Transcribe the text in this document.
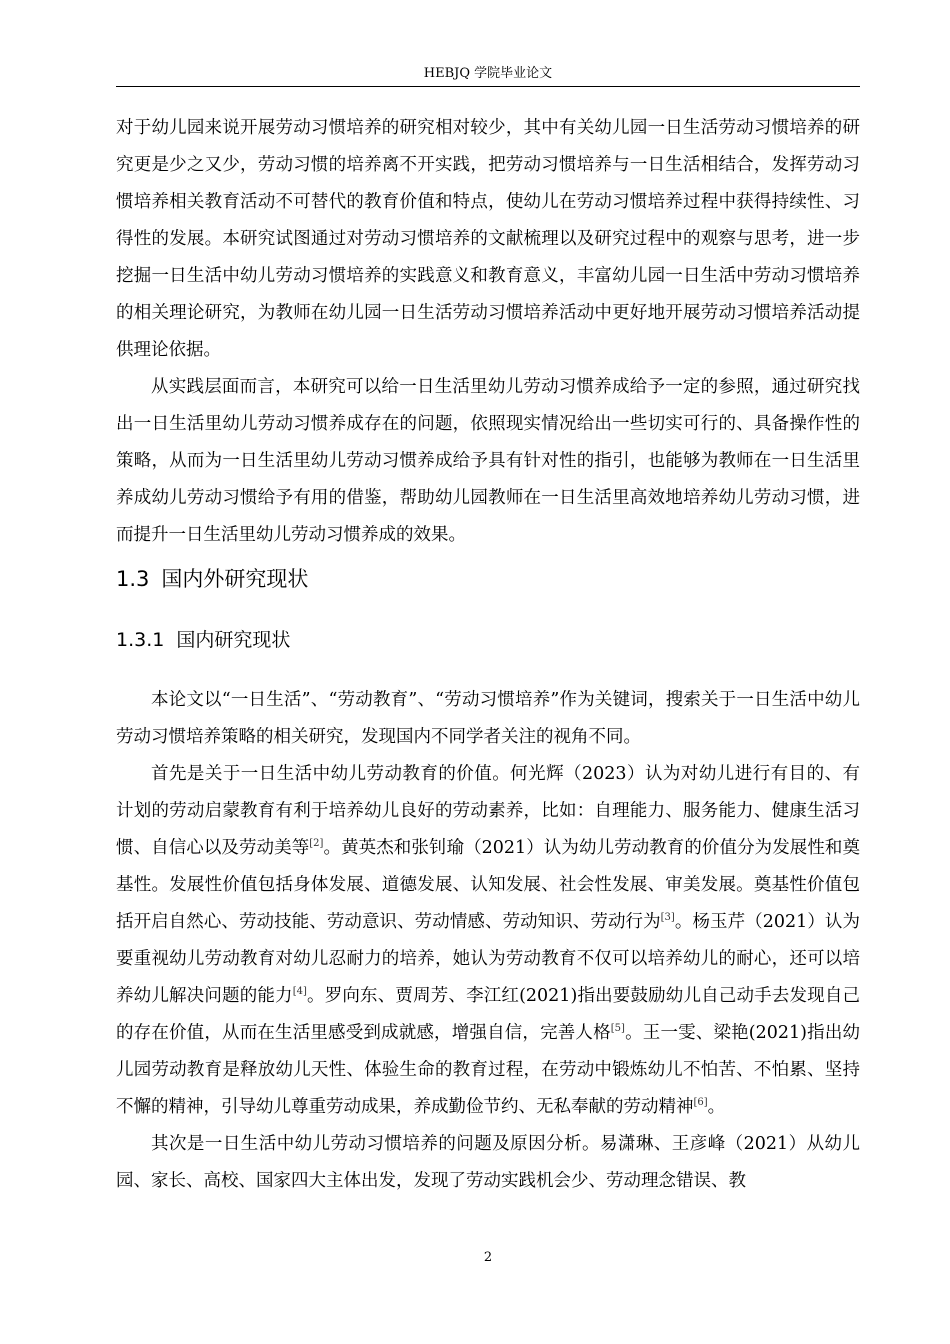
HEBJQ 学院毕业论文

对于幼儿园来说开展劳动习惯培养的研究相对较少，其中有关幼儿园一日生活劳动习惯培养的研究更是少之又少，劳动习惯的培养离不开实践，把劳动习惯培养与一日生活相结合，发挥劳动习惯培养相关教育活动不可替代的教育价值和特点，使幼儿在劳动习惯培养过程中获得持续性、习得性的发展。本研究试图通过对劳动习惯培养的文献梳理以及研究过程中的观察与思考，进一步挖掘一日生活中幼儿劳动习惯培养的实践意义和教育意义，丰富幼儿园一日生活中劳动习惯培养的相关理论研究，为教师在幼儿园一日生活劳动习惯培养活动中更好地开展劳动习惯培养活动提供理论依据。

从实践层面而言，本研究可以给一日生活里幼儿劳动习惯养成给予一定的参照，通过研究找出一日生活里幼儿劳动习惯养成存在的问题，依照现实情况给出一些切实可行的、具备操作性的策略，从而为一日生活里幼儿劳动习惯养成给予具有针对性的指引，也能够为教师在一日生活里养成幼儿劳动习惯给予有用的借鉴，帮助幼儿园教师在一日生活里高效地培养幼儿劳动习惯，进而提升一日生活里幼儿劳动习惯养成的效果。

1.3 国内外研究现状
1.3.1 国内研究现状

本论文以“一日生活”、“劳动教育”、“劳动习惯培养”作为关键词，搜索关于一日生活中幼儿劳动习惯培养策略的相关研究，发现国内不同学者关注的视角不同。

首先是关于一日生活中幼儿劳动教育的价值。何光辉（2023）认为对幼儿进行有目的、有计划的劳动启蒙教育有利于培养幼儿良好的劳动素养，比如：自理能力、服务能力、健康生活习惯、自信心以及劳动美等[2]。黄英杰和张钊瑜（2021）认为幼儿劳动教育的价值分为发展性和奠基性。发展性价值包括身体发展、道德发展、认知发展、社会性发展、审美发展。奠基性价值包括开启自然心、劳动技能、劳动意识、劳动情感、劳动知识、劳动行为[3]。杨玉芹（2021）认为要重视幼儿劳动教育对幼儿忍耐力的培养，她认为劳动教育不仅可以培养幼儿的耐心，还可以培养幼儿解决问题的能力[4]。罗向东、贾周芳、李江红(2021)指出要鼓励幼儿自己动手去发现自己的存在价值，从而在生活里感受到成就感，增强自信，完善人格[5]。王一雯、梁艳(2021)指出幼儿园劳动教育是释放幼儿天性、体验生命的教育过程，在劳动中锻炼幼儿不怕苦、不怕累、坚持不懈的精神，引导幼儿尊重劳动成果，养成勤俭节约、无私奉献的劳动精神[6]。

其次是一日生活中幼儿劳动习惯培养的问题及原因分析。易潇琳、王彦峰（2021）从幼儿园、家长、高校、国家四大主体出发，发现了劳动实践机会少、劳动理念错误、教

2
